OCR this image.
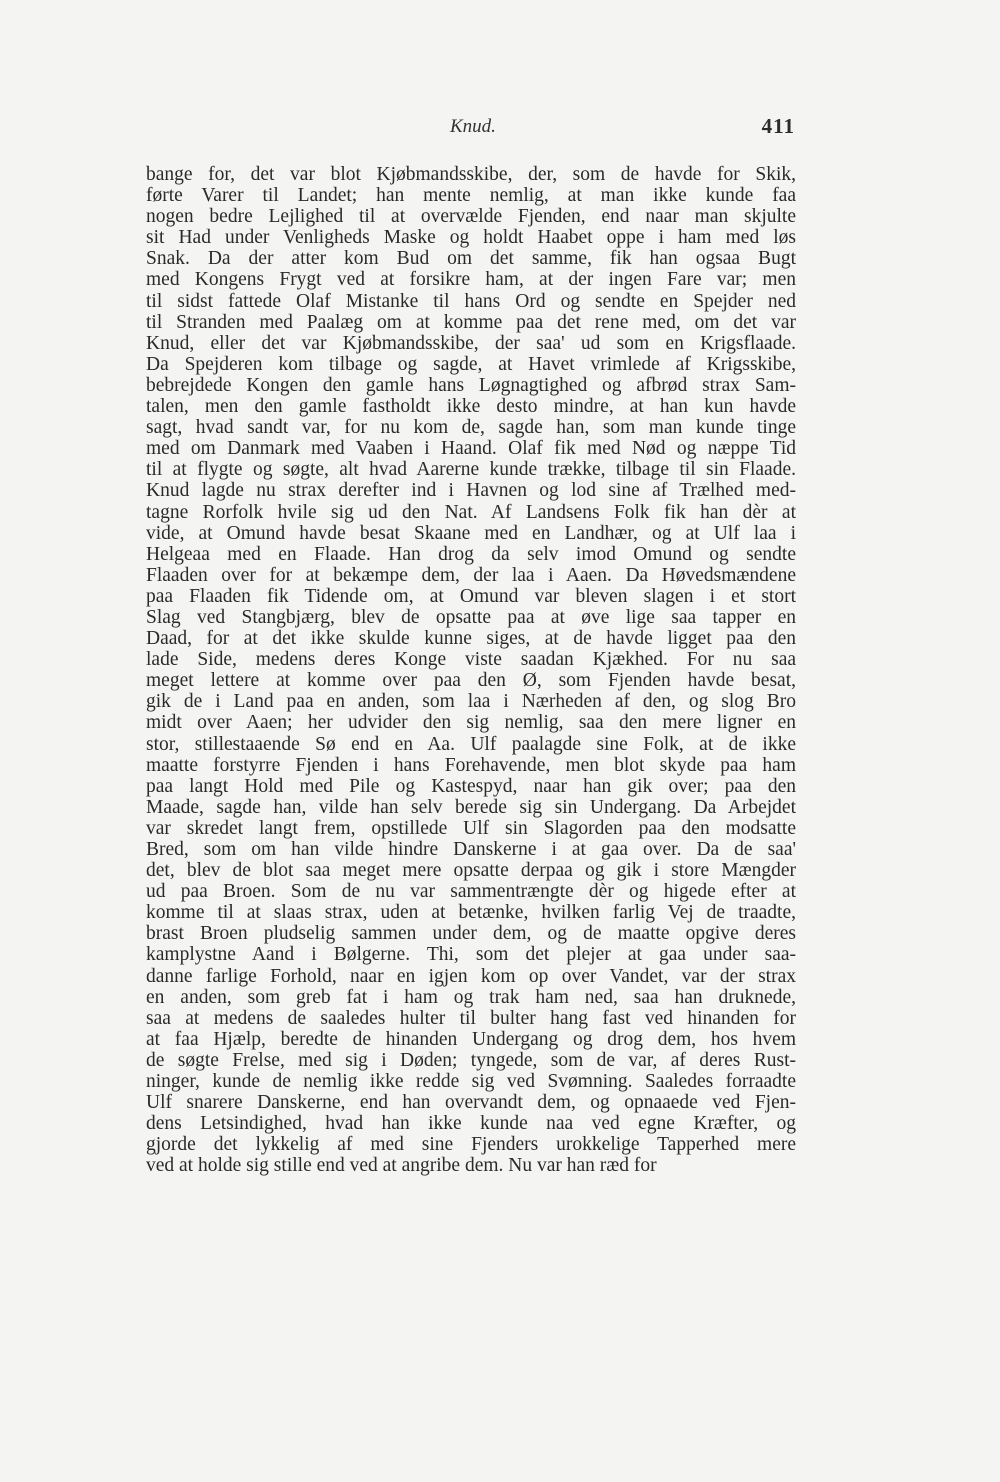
Knud.	411
bange for, det var blot Kjøbmandsskibe, der, som de havde for Skik,
førte Varer til Landet; han mente nemlig, at man ikke kunde faa
nogen bedre Lejlighed til at overvælde Fjenden, end naar man skjulte
sit Had under Venligheds Maske og holdt Haabet oppe i ham med løs
Snak. Da der atter kom Bud om det samme, fik han ogsaa Bugt
med Kongens Frygt ved at forsikre ham, at der ingen Fare var; men
til sidst fattede Olaf Mistanke til hans Ord og sendte en Spejder ned
til Stranden med Paalæg om at komme paa det rene med, om det var
Knud, eller det var Kjøbmandsskibe, der saa' ud som en Krigsflaade.
Da Spejderen kom tilbage og sagde, at Havet vrimlede af Krigsskibe,
bebrejdede Kongen den gamle hans Løgnagtighed og afbrød strax Sam-
talen, men den gamle fastholdt ikke desto mindre, at han kun havde
sagt, hvad sandt var, for nu kom de, sagde han, som man kunde tinge
med om Danmark med Vaaben i Haand. Olaf fik med Nød og næppe Tid
til at flygte og søgte, alt hvad Aarerne kunde trække, tilbage til sin Flaade.
Knud lagde nu strax derefter ind i Havnen og lod sine af Trælhed med-
tagne Rorfolk hvile sig ud den Nat. Af Landsens Folk fik han dèr at
vide, at Omund havde besat Skaane med en Landhær, og at Ulf laa i
Helgeaa med en Flaade. Han drog da selv imod Omund og sendte
Flaaden over for at bekæmpe dem, der laa i Aaen. Da Høvedsmændene
paa Flaaden fik Tidende om, at Omund var bleven slagen i et stort
Slag ved Stangbjærg, blev de opsatte paa at øve lige saa tapper en
Daad, for at det ikke skulde kunne siges, at de havde ligget paa den
lade Side, medens deres Konge viste saadan Kjækhed. For nu saa
meget lettere at komme over paa den Ø, som Fjenden havde besat,
gik de i Land paa en anden, som laa i Nærheden af den, og slog Bro
midt over Aaen; her udvider den sig nemlig, saa den mere ligner en
stor, stillestaaende Sø end en Aa. Ulf paalagde sine Folk, at de ikke
maatte forstyrre Fjenden i hans Forehavende, men blot skyde paa ham
paa langt Hold med Pile og Kastespyd, naar han gik over; paa den
Maade, sagde han, vilde han selv berede sig sin Undergang. Da Arbejdet
var skredet langt frem, opstillede Ulf sin Slagorden paa den modsatte
Bred, som om han vilde hindre Danskerne i at gaa over. Da de saa'
det, blev de blot saa meget mere opsatte derpaa og gik i store Mængder
ud paa Broen. Som de nu var sammentrængte dèr og higede efter at
komme til at slaas strax, uden at betænke, hvilken farlig Vej de traadte,
brast Broen pludselig sammen under dem, og de maatte opgive deres
kamplystne Aand i Bølgerne. Thi, som det plejer at gaa under saa-
danne farlige Forhold, naar en igjen kom op over Vandet, var der strax
en anden, som greb fat i ham og trak ham ned, saa han druknede,
saa at medens de saaledes hulter til bulter hang fast ved hinanden for
at faa Hjælp, beredte de hinanden Undergang og drog dem, hos hvem
de søgte Frelse, med sig i Døden; tyngede, som de var, af deres Rust-
ninger, kunde de nemlig ikke redde sig ved Svømning. Saaledes forraadte
Ulf snarere Danskerne, end han overvandt dem, og opnaaede ved Fjen-
dens Letsindighed, hvad han ikke kunde naa ved egne Kræfter, og
gjorde det lykkelig af med sine Fjenders urokkelige Tapperhed mere
ved at holde sig stille end ved at angribe dem. Nu var han ræd for
